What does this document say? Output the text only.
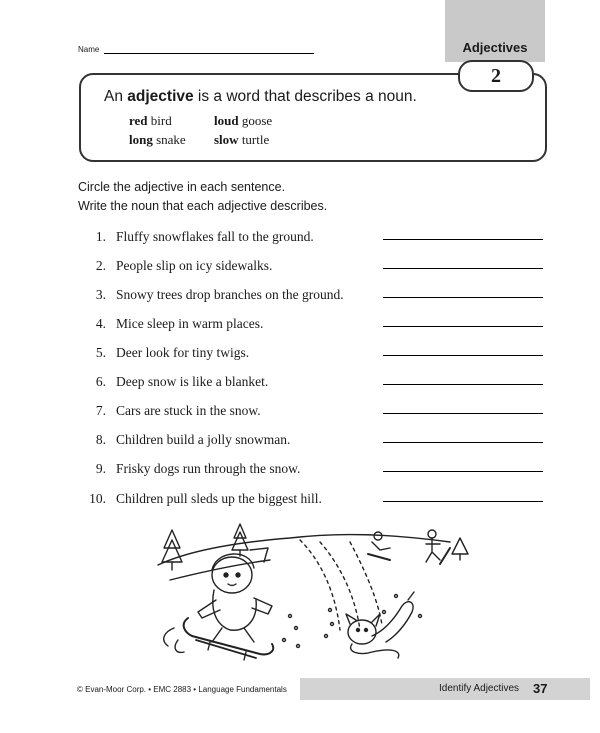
Adjectives
Name
2
An adjective is a word that describes a noun.
red bird	loud goose
long snake slow turtle
Circle the adjective in each sentence.
Write the noun that each adjective describes.
1. Fluffy snowflakes fall to the ground.
2. People slip on icy sidewalks.
3. Snowy trees drop branches on the ground.
4. Mice sleep in warm places.
5. Deer look for tiny twigs.
6. Deep snow is like a blanket.
7. Cars are stuck in the snow.
8. Children build a jolly snowman.
9. Frisky dogs run through the snow.
10. Children pull sleds up the biggest hill.
© Evan-Moor Corp. • EMC 2883 • Language Fundamentals	Identify Adjectives 37
